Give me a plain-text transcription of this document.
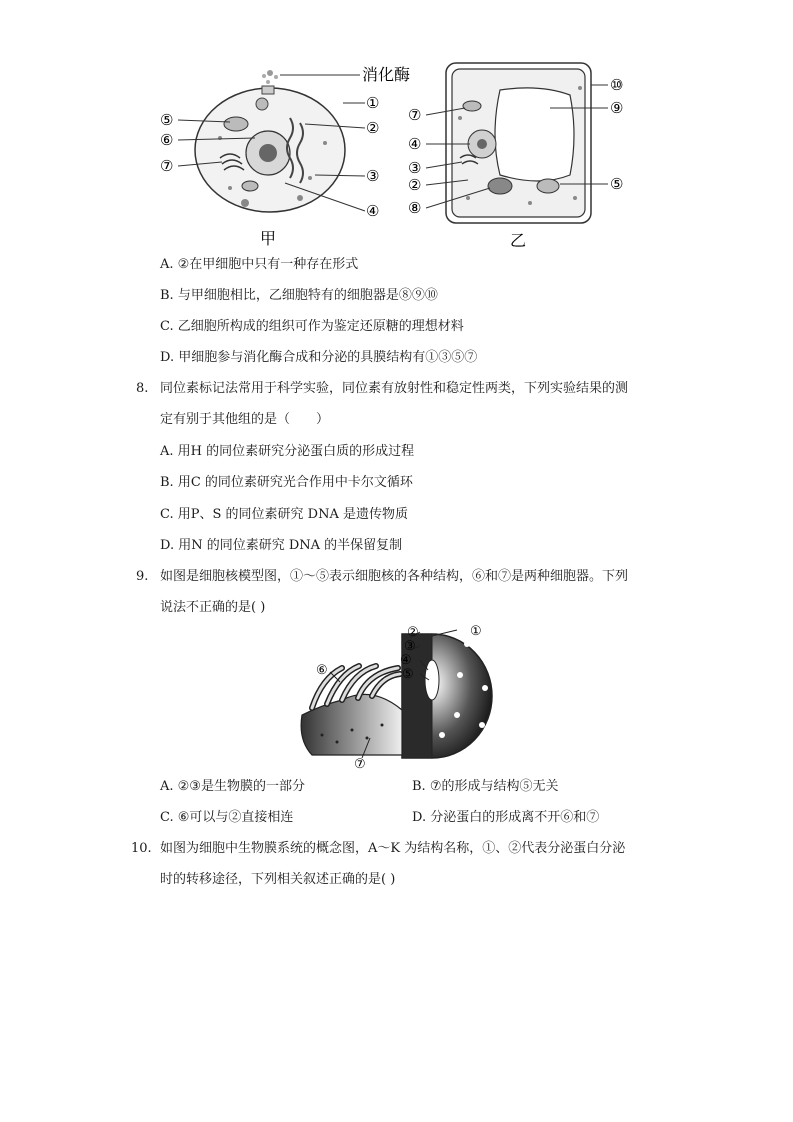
消化酶
①
②
③
④
⑤
⑥
⑦
甲
⑦
④
③
②
⑧
⑩
⑨
⑤
乙
A. ②在甲细胞中只有一种存在形式
B. 与甲细胞相比，乙细胞特有的细胞器是⑧⑨⑩
C. 乙细胞所构成的组织可作为鉴定还原糖的理想材料
D. 甲细胞参与消化酶合成和分泌的具膜结构有①③⑤⑦
8. 同位素标记法常用于科学实验，同位素有放射性和稳定性两类，下列实验结果的测
定有别于其他组的是（　　）
A. 用H 的同位素研究分泌蛋白质的形成过程
B. 用C 的同位素研究光合作用中卡尔文循环
C. 用P、S 的同位素研究 DNA 是遗传物质
D. 用N 的同位素研究 DNA 的半保留复制
9. 如图是细胞核模型图，①～⑤表示细胞核的各种结构，⑥和⑦是两种细胞器。下列
说法不正确的是( )
①
②
③
④
⑤
⑥
⑦
A. ②③是生物膜的一部分	B. ⑦的形成与结构⑤无关
C. ⑥可以与②直接相连	D. 分泌蛋白的形成离不开⑥和⑦
10. 如图为细胞中生物膜系统的概念图，A～K 为结构名称，①、②代表分泌蛋白分泌
时的转移途径，下列相关叙述正确的是( )
